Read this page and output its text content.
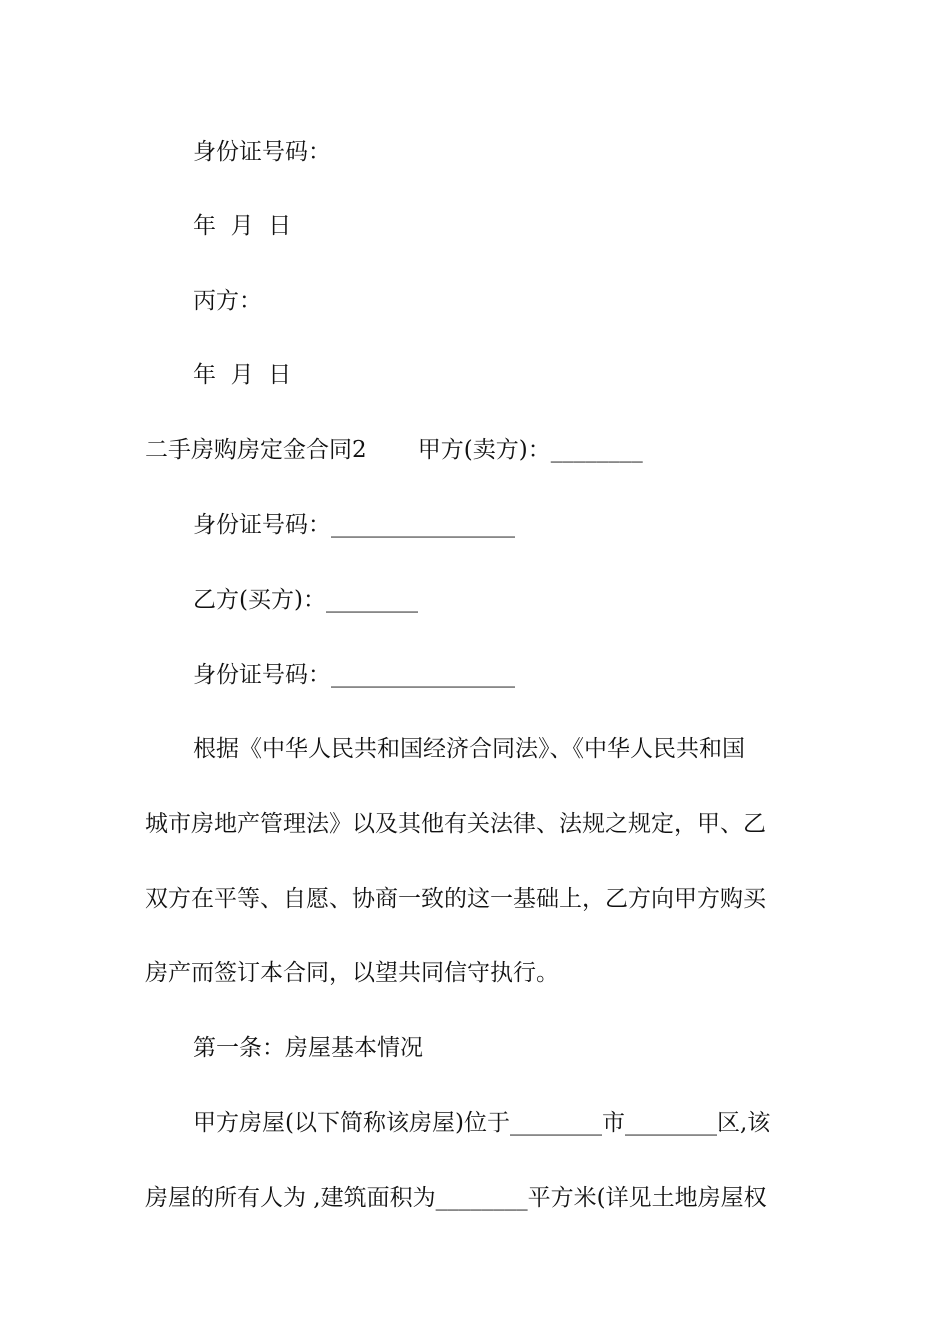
身份证号码：
年  月  日
丙方：
年  月  日
二手房购房定金合同2       甲方(卖方)：________
身份证号码：________________
乙方(买方)：________
身份证号码：________________
根据《中华人民共和国经济合同法》、《中华人民共和国
城市房地产管理法》以及其他有关法律、法规之规定，甲、乙
双方在平等、自愿、协商一致的这一基础上，乙方向甲方购买
房产而签订本合同，以望共同信守执行。
第一条：房屋基本情况
甲方房屋(以下简称该房屋)位于________市________区,该
房屋的所有人为 ,建筑面积为________平方米(详见土地房屋权
